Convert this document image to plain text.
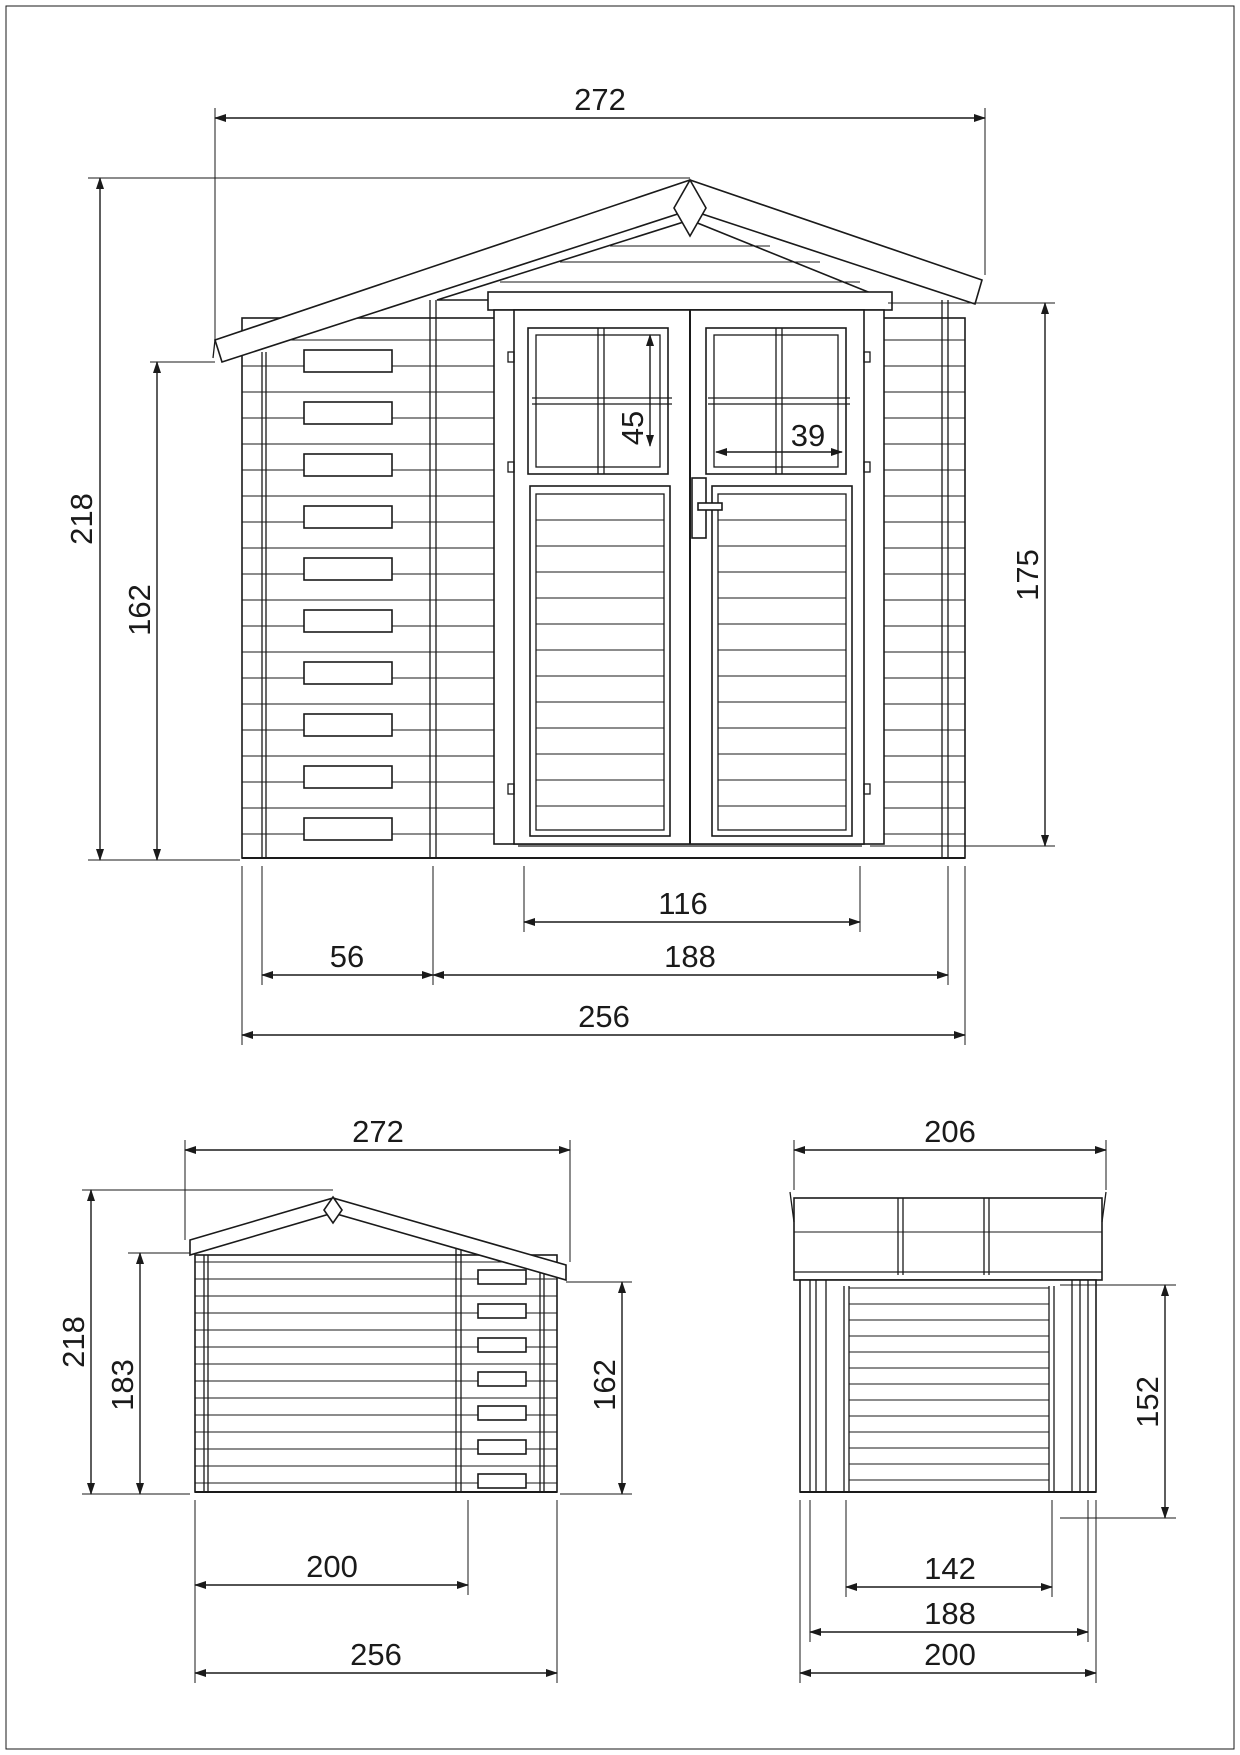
272
218
162
175
45	39
116
56	188
256
272
218
183	162
200
256
206
152
142
188
200
